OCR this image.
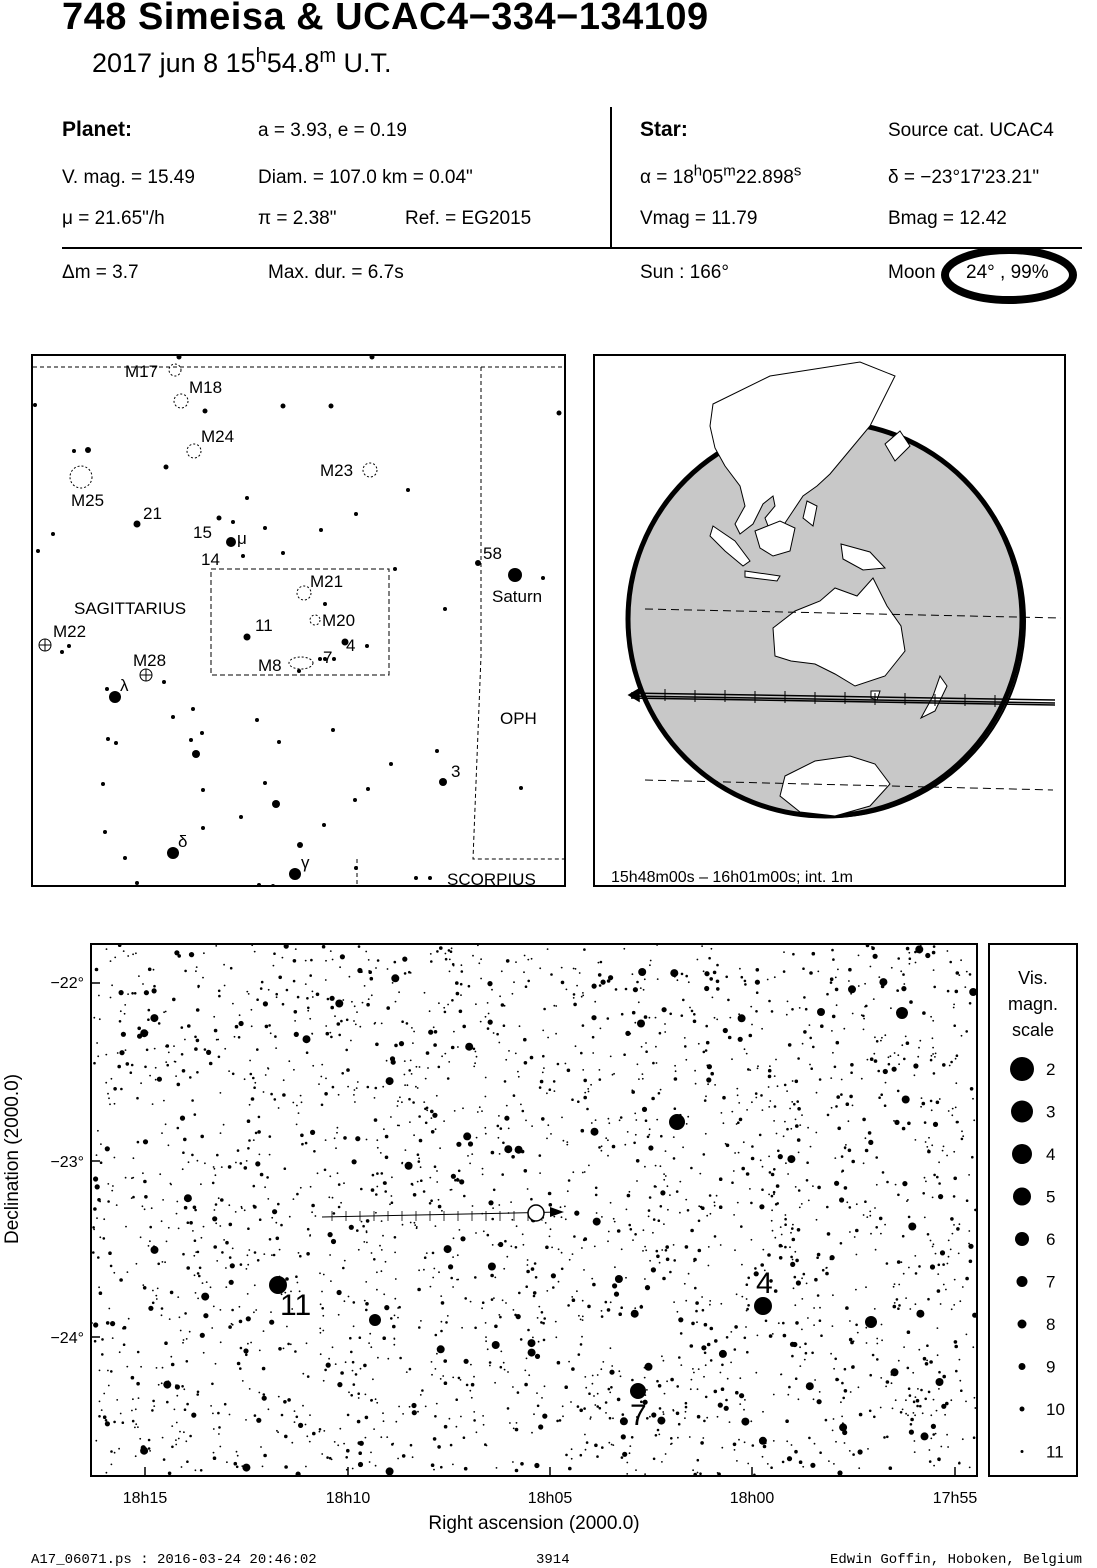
748 Simeisa & UCAC4−334−134109
2017 jun 8 15$^h$54.8$^m$ U.T.
Planet:	a = 3.93, e = 0.19
V. mag. = 15.49	Diam. = 107.0 km = 0.04"
μ = 21.65"/h	π = 2.38"	Ref. = EG2015
Star:	Source cat. UCAC4
$\alpha = 18^h05^m22.898^s$	δ = −23°17'23.21"
Vmag = 11.79	Bmag = 12.42
Δm = 3.7	Max. dur. = 6.7s	Sun : 166°	Moon 24° , 99%
M17
M18
M24
M25
M23
21
15 μ
14	58
Saturn
M21
SAGITTARIUS
M20
M22	11
4
M28	M8 7
λ
OPH
3
δ
γ
SCORPIUS	15h48m00s – 16h01m00s; int. 1m
11
4
7
−22°
−23°
−24°
18h15	18h10	18h05	18h00	17h55
Right ascension (2000.0)
Declination (2000.0)
Vis.
magn.
scale
2
3
4
5
6
7
8
9
10
11
A17_06071.ps : 2016-03-24 20:46:02	3914	Edwin Goffin, Hoboken, Belgium
